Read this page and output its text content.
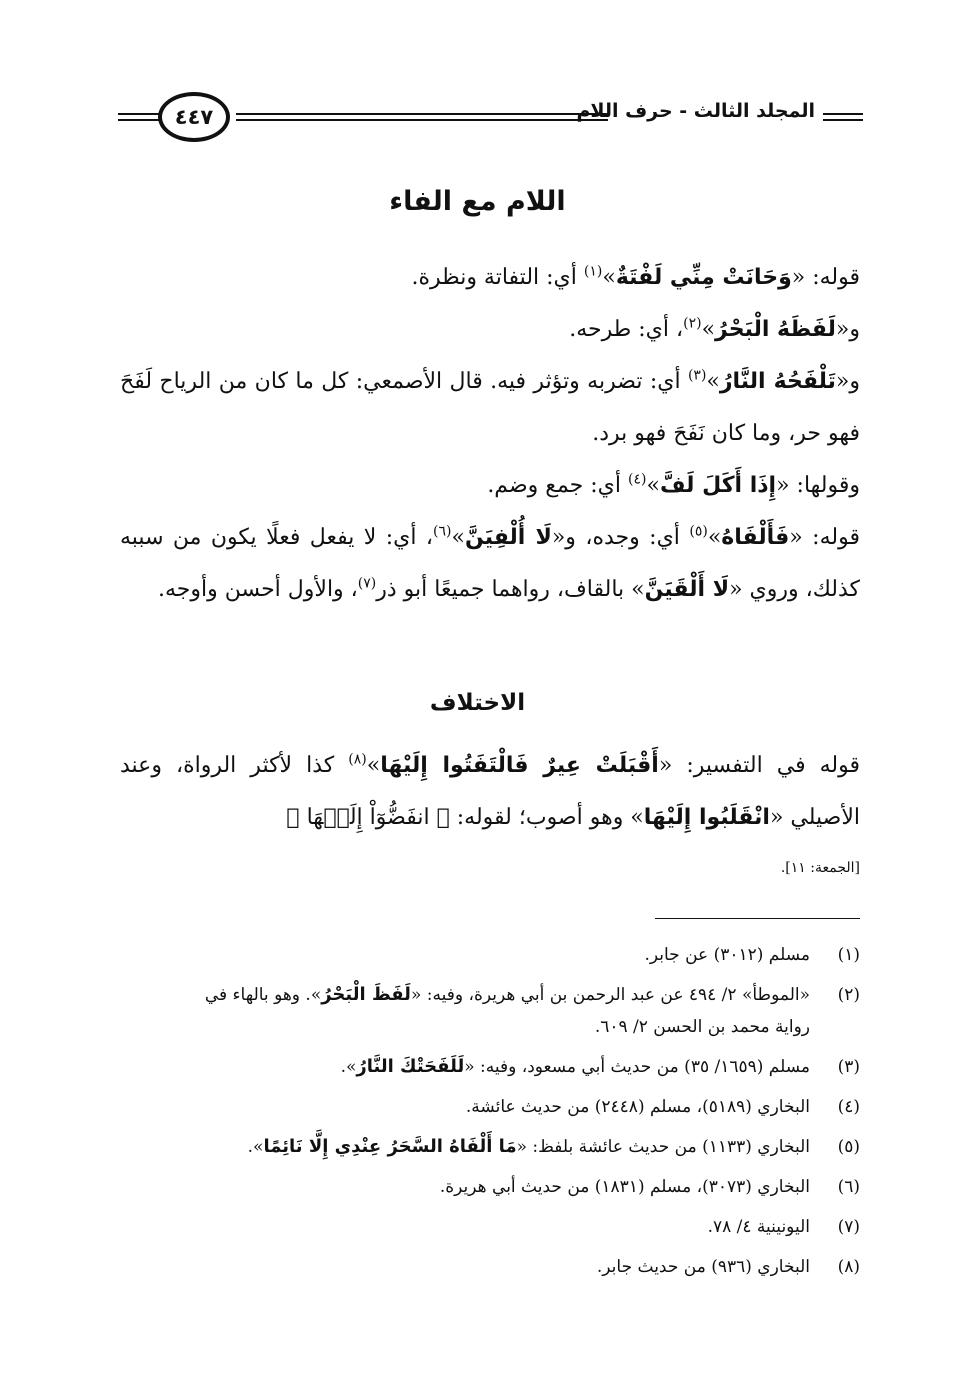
المجلد الثالث - حرف اللام
٤٤٧
اللام مع الفاء

قوله: «وَحَانَتْ مِنِّي لَفْتَةٌ»$^{(١)}$ أي: التفاتة ونظرة.

و«لَفَظَهُ الْبَحْرُ»$^{(٢)}$، أي: طرحه.

و«تَلْفَحُهُ النَّارُ»$^{(٣)}$ أي: تضربه وتؤثر فيه. قال الأصمعي: كل ما كان من الرياح لَفَحَ فهو حر، وما كان نَفَحَ فهو برد.

وقولها: «إِذَا أَكَلَ لَفَّ»$^{(٤)}$ أي: جمع وضم.

قوله: «فَأَلْفَاهُ»$^{(٥)}$ أي: وجده، و«لَا أُلْفِيَنَّ»$^{(٦)}$، أي: لا يفعل فعلًا يكون من سببه كذلك، وروي «لَا أَلْقَيَنَّ» بالقاف، رواهما جميعًا أبو ذر$^{(٧)}$، والأول أحسن وأوجه.

الاختلاف

قوله في التفسير: «أَقْبَلَتْ عِيرٌ فَالْتَفَتُوا إِلَيْهَا»$^{(٨)}$ كذا لأكثر الرواة، وعند الأصيلي «انْقَلَبُوا إِلَيْهَا» وهو أصوب؛ لقوله: ﴿ انفَضُّوٓاْ إِلَيۡهَا ﴾

[الجمعة: ١١].
(١)
مسلم (٣٠١٢) عن جابر.
(٢)
«الموطأ» ٢/ ٤٩٤ عن عبد الرحمن بن أبي هريرة، وفيه: «لَفَظَ الْبَحْرُ». وهو بالهاء في
رواية محمد بن الحسن ٢/ ٦٠٩.
(٣)
مسلم (١٦٥٩/ ٣٥) من حديث أبي مسعود، وفيه: «لَلَفَحَتْكَ النَّارُ».
(٤)
البخاري (٥١٨٩)، مسلم (٢٤٤٨) من حديث عائشة.
(٥)
البخاري (١١٣٣) من حديث عائشة بلفظ: «مَا أَلْفَاهُ السَّحَرُ عِنْدِي إِلَّا نَائِمًا».
(٦)
البخاري (٣٠٧٣)، مسلم (١٨٣١) من حديث أبي هريرة.
(٧)
اليونينية ٤/ ٧٨.
(٨)
البخاري (٩٣٦) من حديث جابر.
